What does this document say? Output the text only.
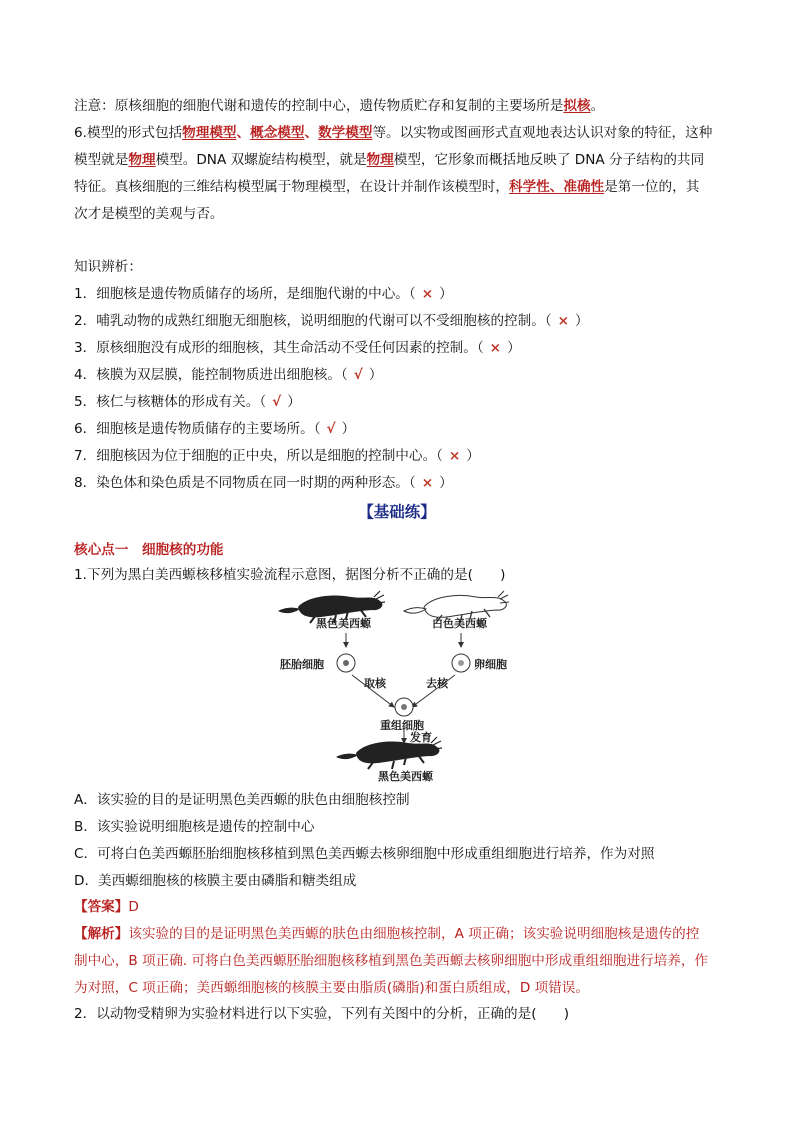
注意：原核细胞的细胞代谢和遗传的控制中心，遗传物质贮存和复制的主要场所是拟核。
6.模型的形式包括物理模型、概念模型、数学模型等。以实物或图画形式直观地表达认识对象的特征，这种
模型就是物理模型。DNA 双螺旋结构模型，就是物理模型，它形象而概括地反映了 DNA 分子结构的共同
特征。真核细胞的三维结构模型属于物理模型，在设计并制作该模型时，科学性、准确性是第一位的，其
次才是模型的美观与否。
知识辨析：
1．细胞核是遗传物质储存的场所，是细胞代谢的中心。（ × ）
2．哺乳动物的成熟红细胞无细胞核，说明细胞的代谢可以不受细胞核的控制。（ × ）
3．原核细胞没有成形的细胞核，其生命活动不受任何因素的控制。（ × ）
4．核膜为双层膜，能控制物质进出细胞核。（ √ ）
5．核仁与核糖体的形成有关。（ √ ）
6．细胞核是遗传物质储存的主要场所。（ √ ）
7．细胞核因为位于细胞的正中央，所以是细胞的控制中心。（ × ）
8．染色体和染色质是不同物质在同一时期的两种形态。（ × ）
【基础练】
核心点一　细胞核的功能
1.下列为黑白美西螈核移植实验流程示意图，据图分析不正确的是(　　)
黑色美西螈	白色美西螈
胚胎细胞	卵细胞
取核	去核
重组细胞
发育
黑色美西螈
A．该实验的目的是证明黑色美西螈的肤色由细胞核控制
B．该实验说明细胞核是遗传的控制中心
C．可将白色美西螈胚胎细胞核移植到黑色美西螈去核卵细胞中形成重组细胞进行培养，作为对照
D．美西螈细胞核的核膜主要由磷脂和糖类组成
【答案】D
【解析】该实验的目的是证明黑色美西螈的肤色由细胞核控制，A 项正确；该实验说明细胞核是遗传的控
制中心，B 项正确. 可将白色美西螈胚胎细胞核移植到黑色美西螈去核卵细胞中形成重组细胞进行培养，作
为对照，C 项正确；美西螈细胞核的核膜主要由脂质(磷脂)和蛋白质组成，D 项错误。
2．以动物受精卵为实验材料进行以下实验，下列有关图中的分析，正确的是(　　)
